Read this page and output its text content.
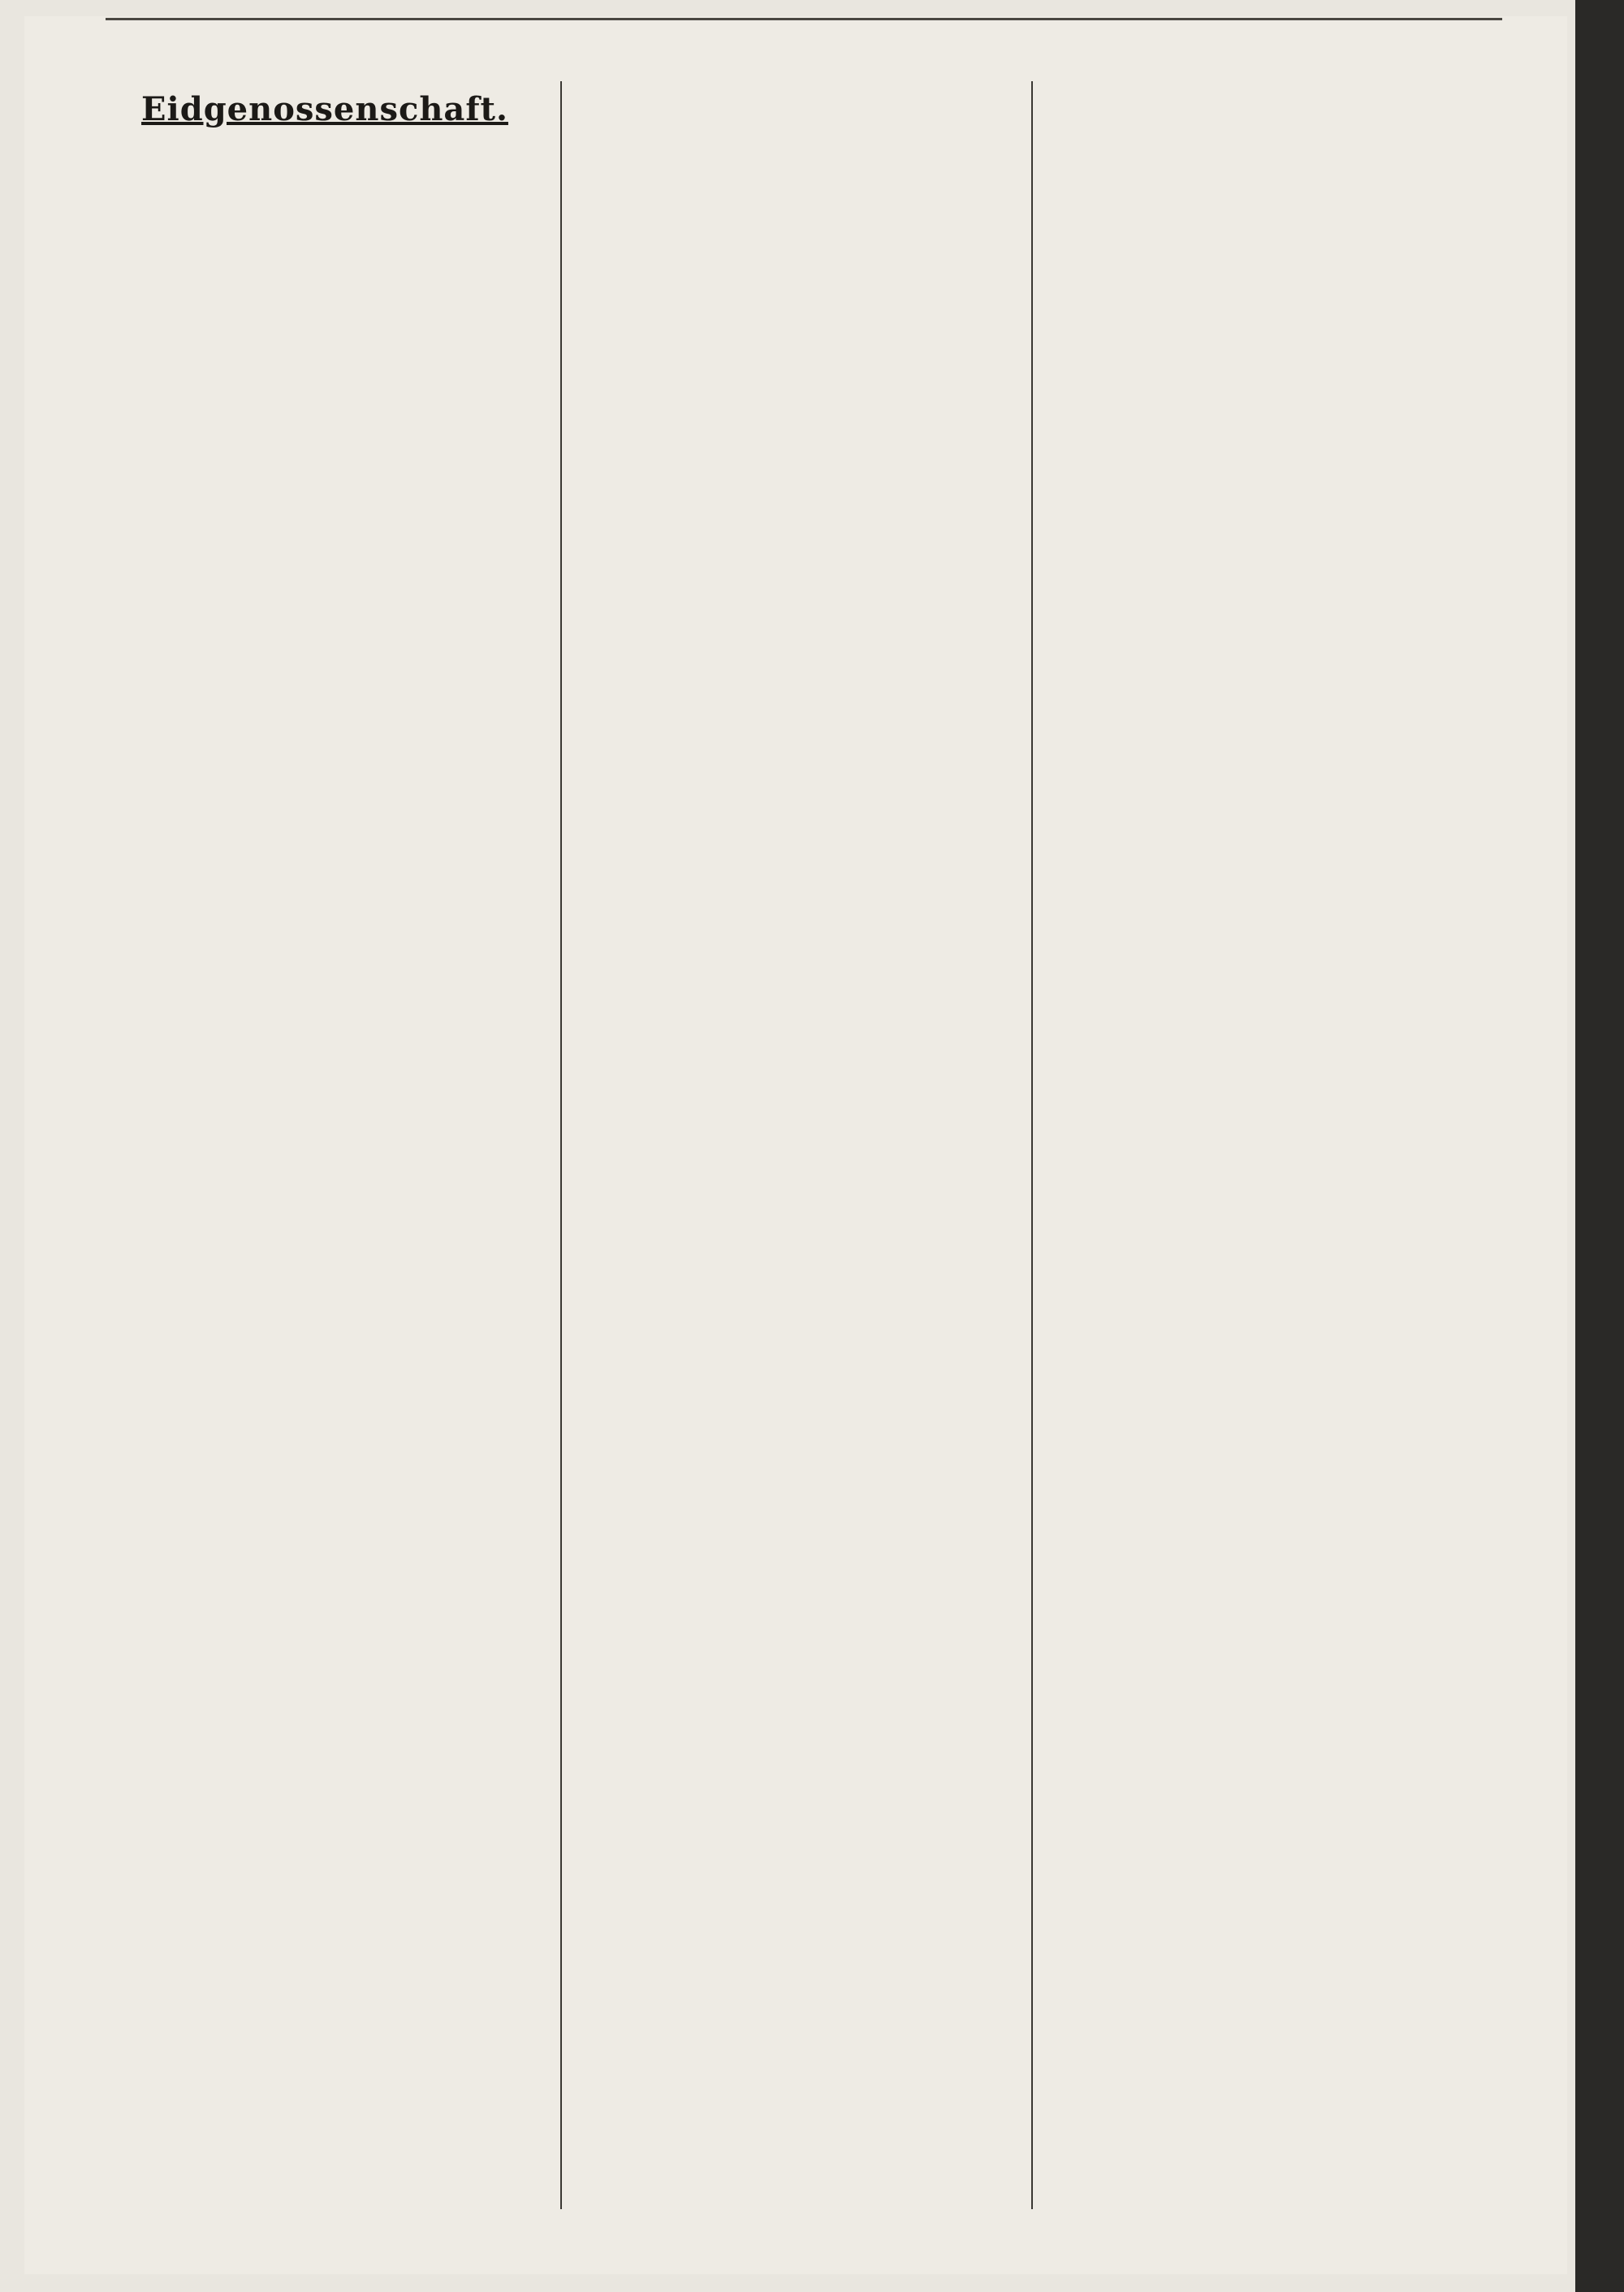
Eidgenossenschaft.
